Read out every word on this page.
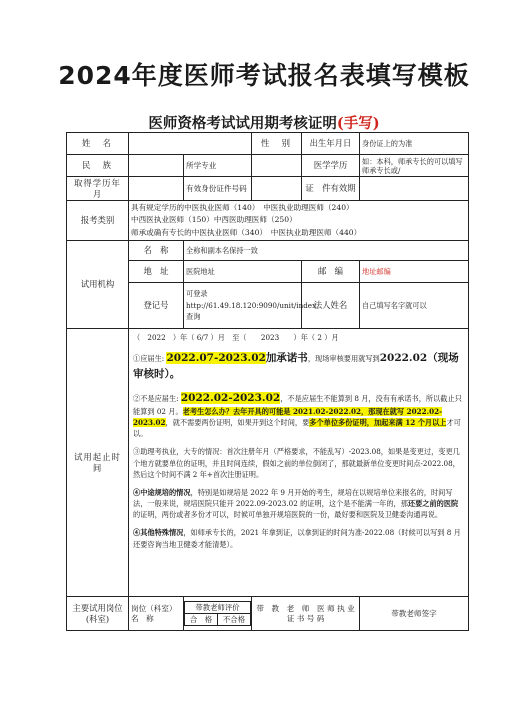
2024年度医师考试报名表填写模板
医师资格考试试用期考核证明(手写)
姓　名		性　别	出生年月日	身份证上的为准
民　族		所学专业		医学学历	如：本科，师承专长的可以填写师承专长或/
取得学历年　月		有效身份证件号码		证　件有效期	
报考类别	
具有规定学历的中医执业医师（140）　中医执业助理医师（240）
中西医执业医师（150）中西医助理医师（250）
师承或确有专长的中医执业医师（340）　中医执业助理医师（440）

试用机构	名　称	全称和副本名保持一致
地　址	医院地址	邮　编	地址邮编
登记号	可登录 http://61.49.18.120:9090/unit/index 查询	法人姓名	自己填写名字就可以
试用起止时　间	

（　2022　）年（ 6/7 ）月　至（　　2023　　）年（ 2 ）月

①应届生: 2022.07-2023.02加承诺书，现场审核要用就写到2022.02（现场审核时）。

②不是应届生: 2022.02-2023.02，不是应届生不能算到 8 月，没有有承诺书，所以截止只能算到 02 月。老考生怎么办？去年开具的可能是 2021.02-2022.02，那现在就写 2022.02-2023.02，就不需要两份证明，如果开到这个时间，要多个单位多份证明，加起来满 12 个月以上才可以。

③助理考执业，大专的情况：首次注册年月（严格要求，不能乱写）-2023.08，如果是变更过，变更几个地方就要单位的证明，并且时间连续，假如之前的单位倒闭了，那就最新单位变更时间点-2022.08，然后这个时间不满 2 年+首次注册证明。

④中途规培的情况，特别是如规培是 2022 年 9 月开始的考生，规培在以规培单位来报名的，时间写法，一般来说，规培医院只能开 2022.09-2023.02 的证明，这个是不能满一年的，那还要之前的医院的证明，两份或者多份才可以，时候可单独开规培医院的一份，最好要和医院及卫健委沟通再说。

④其他特殊情况，如师承专长的，2021 年拿到证，以拿到证的时间为准-2022.08（时候可以写到 8 月还要咨询当地卫健委才能清楚）。

主要试用岗位(科室)	岗位（科室）名　称	
带教老师评价
合　格	不合格
	带　教　老　师　医 师 执 业 证 书 号 码	带教老师签字
